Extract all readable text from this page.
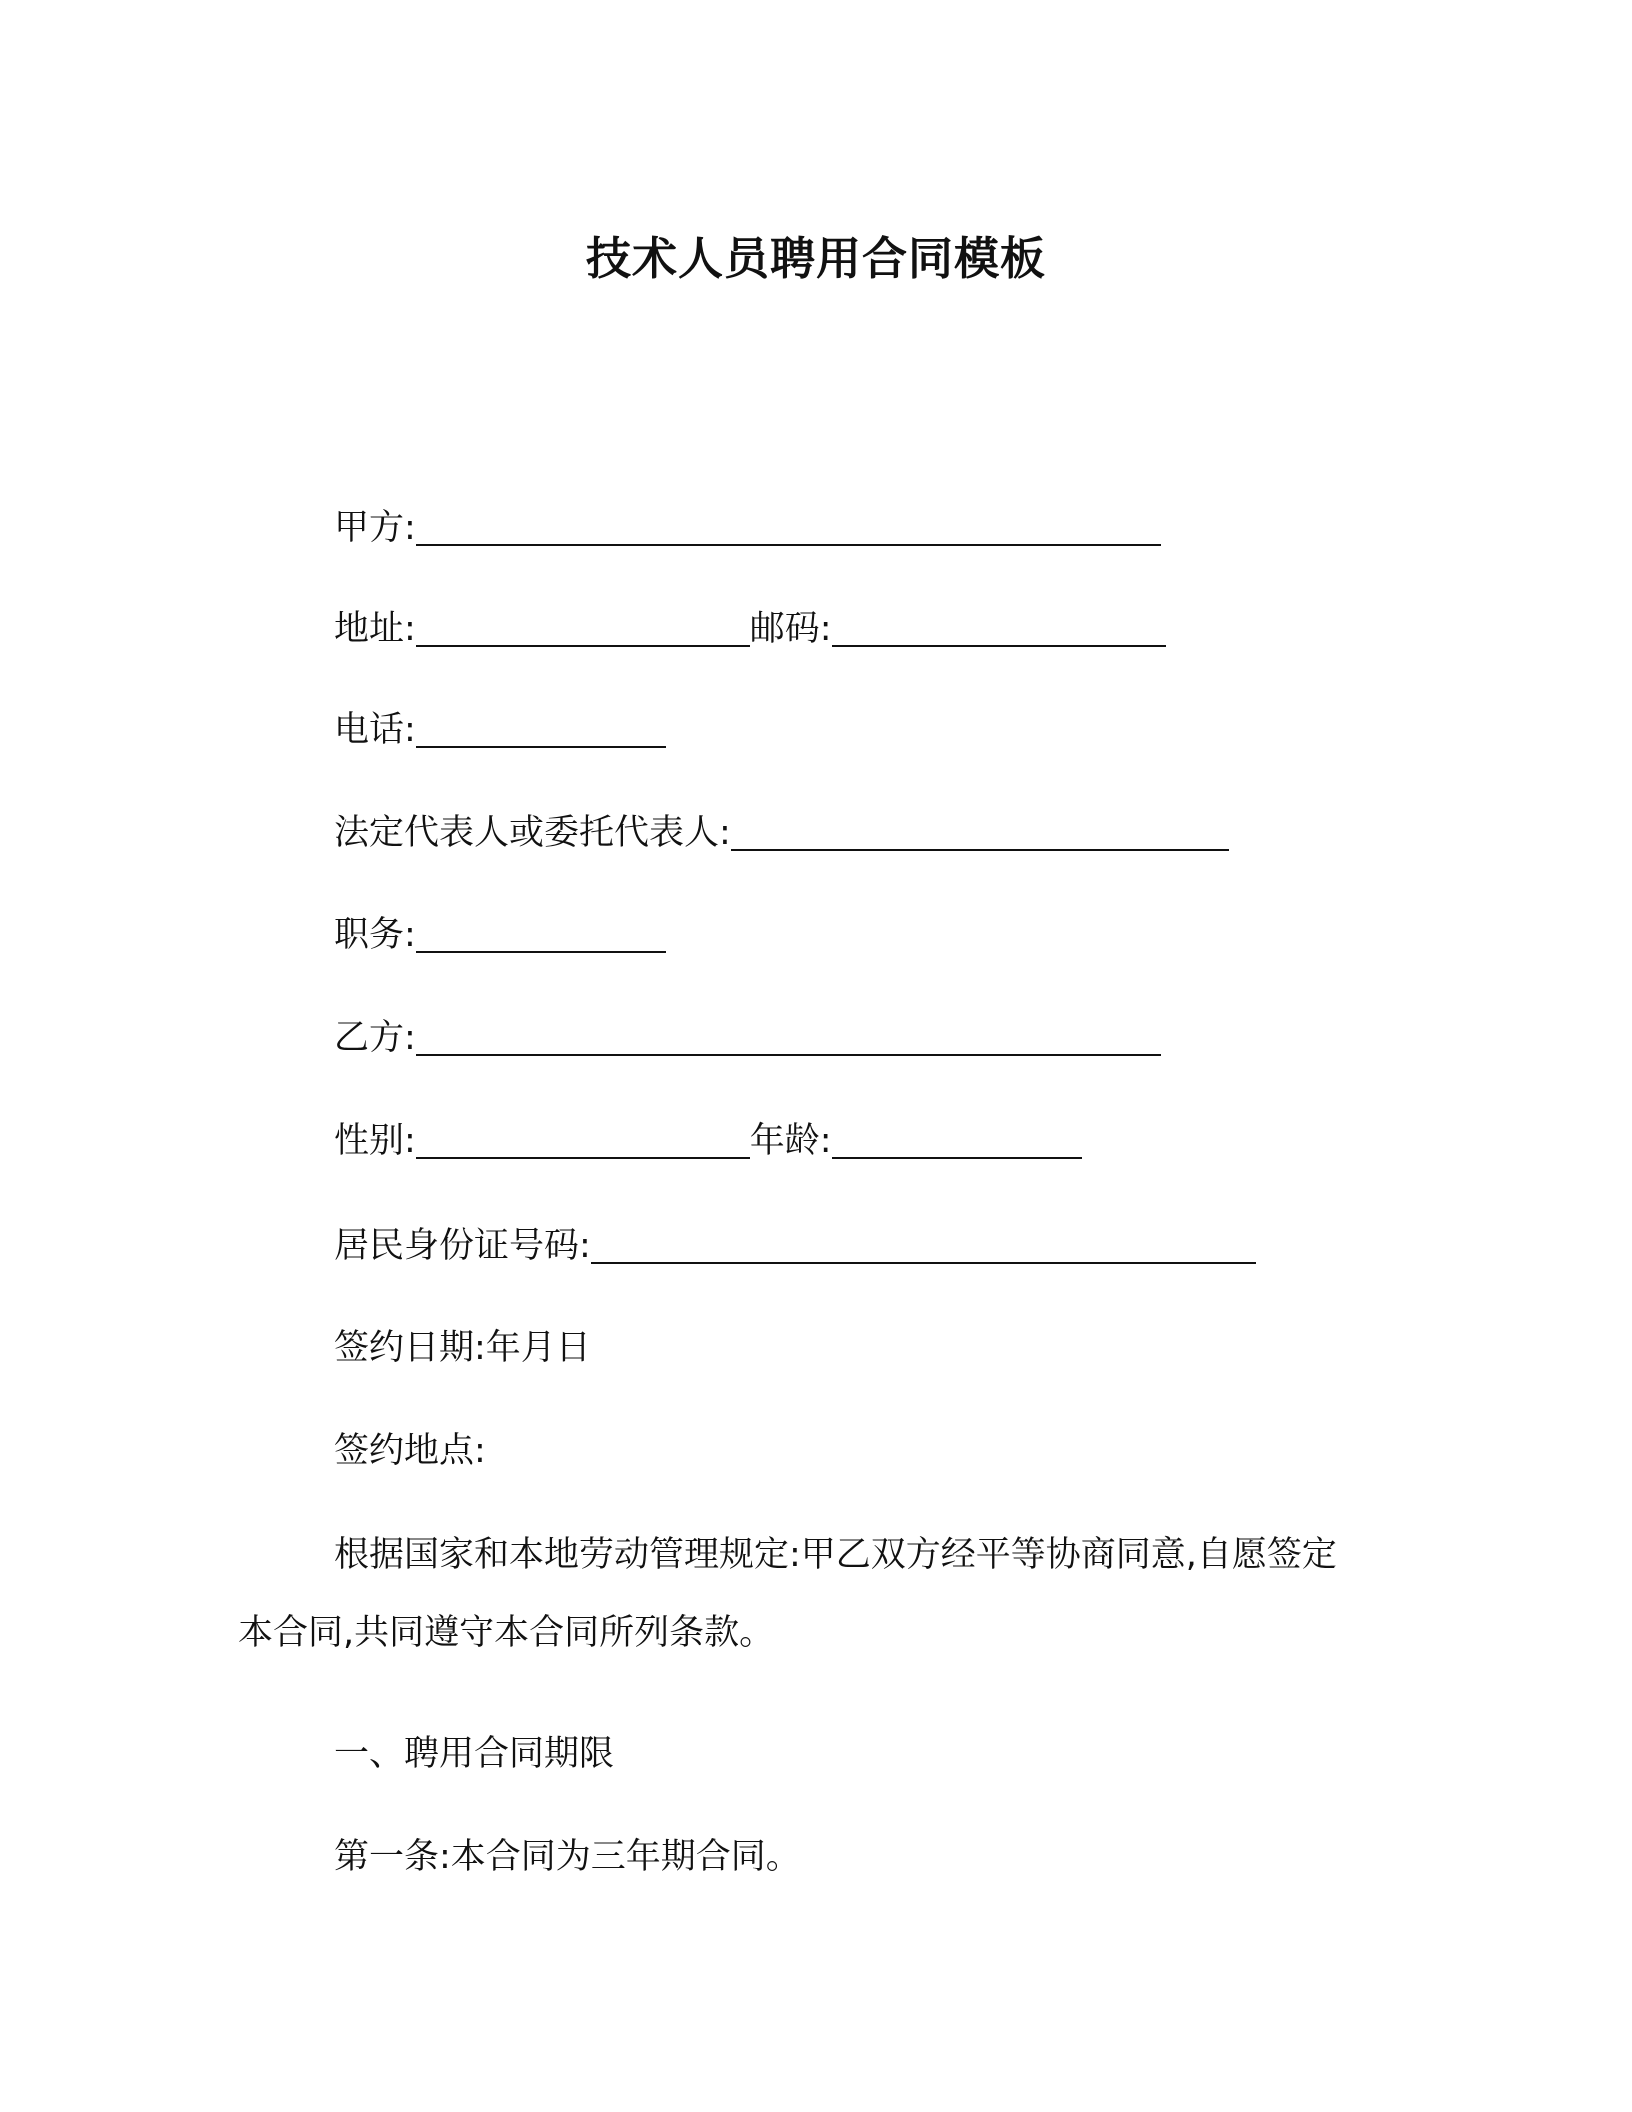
技术人员聘用合同模板
甲方:
地址:	邮码:
电话:
法定代表人或委托代表人:
职务:
乙方:
性别:	年龄:
居民身份证号码:
签约日期:年月日
签约地点:
根据国家和本地劳动管理规定:甲乙双方经平等协商同意,自愿签定本合同,共同遵守本合同所列条款。
一、聘用合同期限
第一条:本合同为三年期合同。
